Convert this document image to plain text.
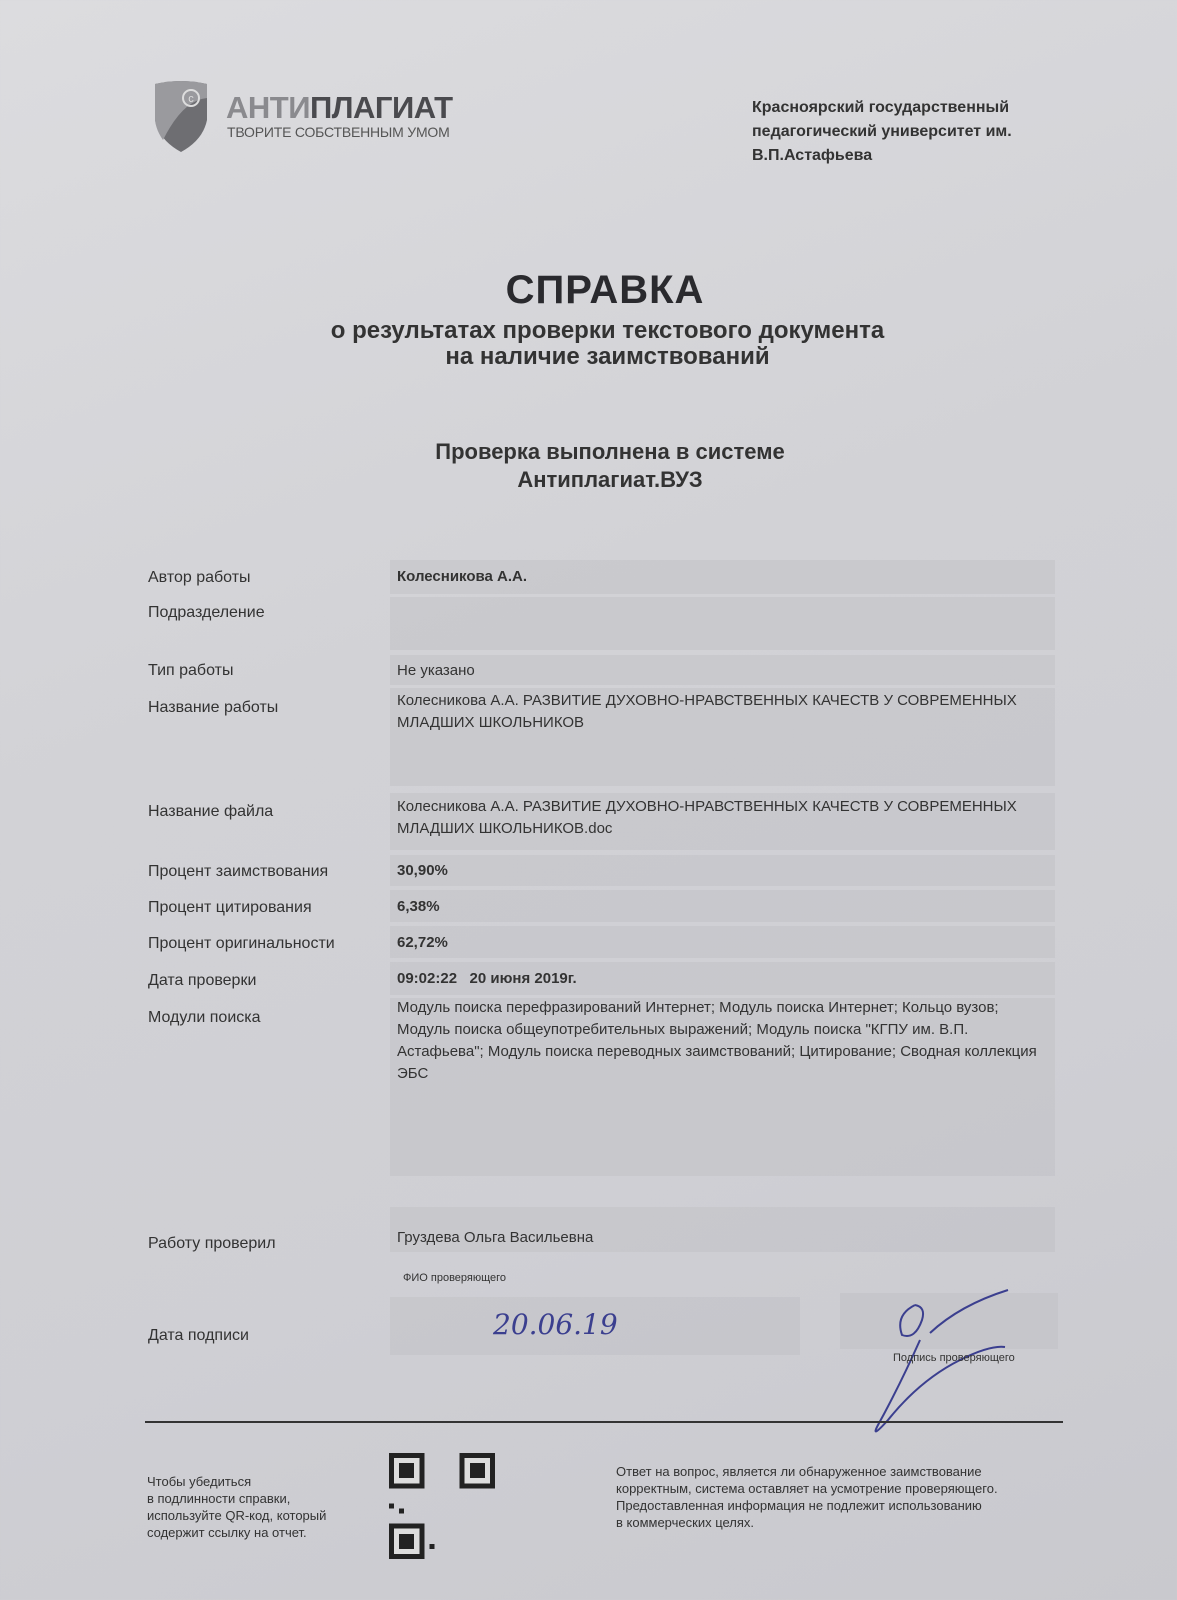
c АНТИПЛАГИАТ
ТВОРИТЕ СОБСТВЕННЫМ УМОМ
Красноярский государственный
педагогический университет им.
В.П.Астафьева
СПРАВКА
о результатах проверки текстового документа
на наличие заимствований
Проверка выполнена в системе
Антиплагиат.ВУЗ
Автор работы
Подразделение
Тип работы
Название работы
Название файла
Процент заимствования
Процент цитирования
Процент оригинальности
Дата проверки
Модули поиска
Работу проверил
Дата подписи
Колесникова А.А.
Не указано
Колесникова А.А. РАЗВИТИЕ ДУХОВНО-НРАВСТВЕННЫХ КАЧЕСТВ У СОВРЕМЕННЫХ МЛАДШИХ ШКОЛЬНИКОВ
Колесникова А.А. РАЗВИТИЕ ДУХОВНО-НРАВСТВЕННЫХ КАЧЕСТВ У СОВРЕМЕННЫХ МЛАДШИХ ШКОЛЬНИКОВ.doc
30,90%
6,38%
62,72%
09:02:22   20 июня 2019г.
Модуль поиска перефразирований Интернет; Модуль поиска Интернет; Кольцо вузов; Модуль поиска общеупотребительных выражений; Модуль поиска "КГПУ им. В.П. Астафьева"; Модуль поиска переводных заимствований; Цитирование; Сводная коллекция ЭБС
Груздева Ольга Васильевна
ФИО проверяющего
20.06.19
Подпись проверяющего
Чтобы убедиться
в подлинности справки,
используйте QR-код, который
содержит ссылку на отчет.
Ответ на вопрос, является ли обнаруженное заимствование
корректным, система оставляет на усмотрение проверяющего.
Предоставленная информация не подлежит использованию
в коммерческих целях.
